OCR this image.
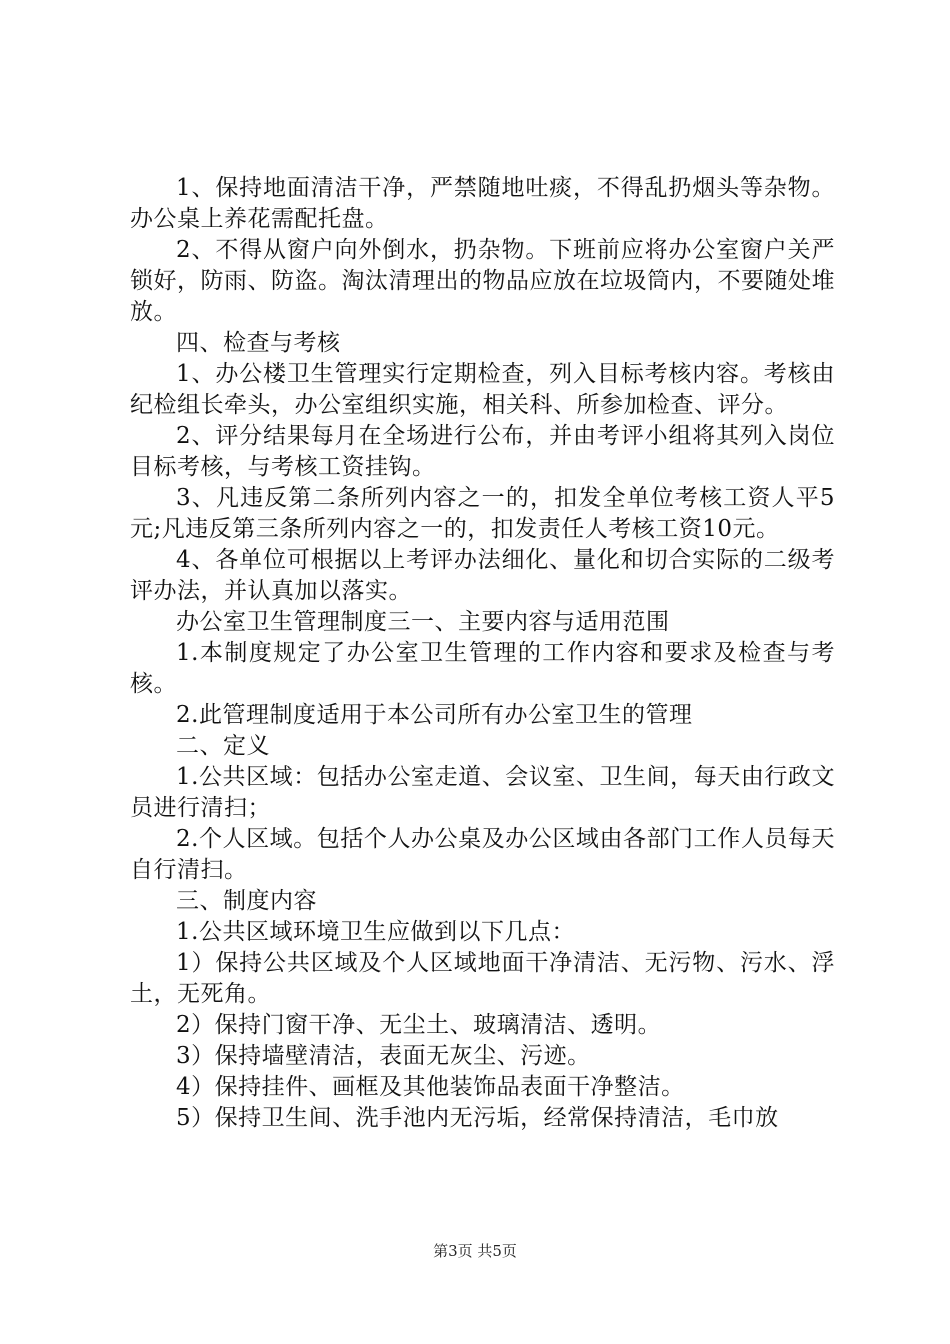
1、保持地面清洁干净，严禁随地吐痰，不得乱扔烟头等杂物。办公桌上养花需配托盘。

2、不得从窗户向外倒水，扔杂物。下班前应将办公室窗户关严锁好，防雨、防盗。淘汰清理出的物品应放在垃圾筒内，不要随处堆放。

四、检查与考核

1、办公楼卫生管理实行定期检查，列入目标考核内容。考核由纪检组长牵头，办公室组织实施，相关科、所参加检查、评分。

2、评分结果每月在全场进行公布，并由考评小组将其列入岗位目标考核，与考核工资挂钩。

3、凡违反第二条所列内容之一的，扣发全单位考核工资人平5元;凡违反第三条所列内容之一的，扣发责任人考核工资10元。

4、各单位可根据以上考评办法细化、量化和切合实际的二级考评办法，并认真加以落实。

办公室卫生管理制度三一、主要内容与适用范围

1.本制度规定了办公室卫生管理的工作内容和要求及检查与考核。

2.此管理制度适用于本公司所有办公室卫生的管理

二、定义

1.公共区域：包括办公室走道、会议室、卫生间，每天由行政文员进行清扫；

2.个人区域。包括个人办公桌及办公区域由各部门工作人员每天自行清扫。

三、制度内容

1.公共区域环境卫生应做到以下几点：

1）保持公共区域及个人区域地面干净清洁、无污物、污水、浮土，无死角。

2）保持门窗干净、无尘土、玻璃清洁、透明。

3）保持墙壁清洁，表面无灰尘、污迹。

4）保持挂件、画框及其他装饰品表面干净整洁。

5）保持卫生间、洗手池内无污垢，经常保持清洁，毛巾放

第3页 共5页
